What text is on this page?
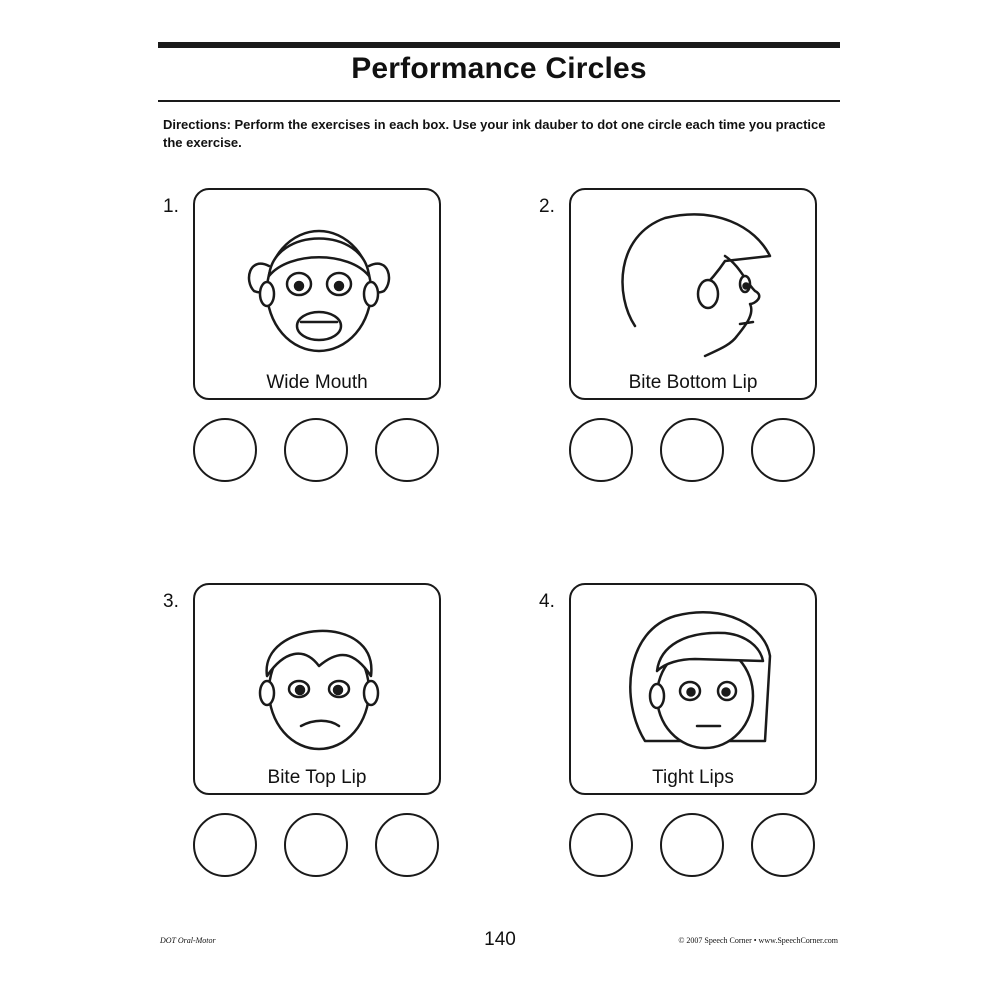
Performance Circles
Directions: Perform the exercises in each box. Use your ink dauber to dot one circle each time you practice the exercise.
1.
Wide Mouth
2.
Bite Bottom Lip
3.
Bite Top Lip
4.
Tight Lips
DOT Oral-Motor	140	© 2007 Speech Corner • www.SpeechCorner.com
